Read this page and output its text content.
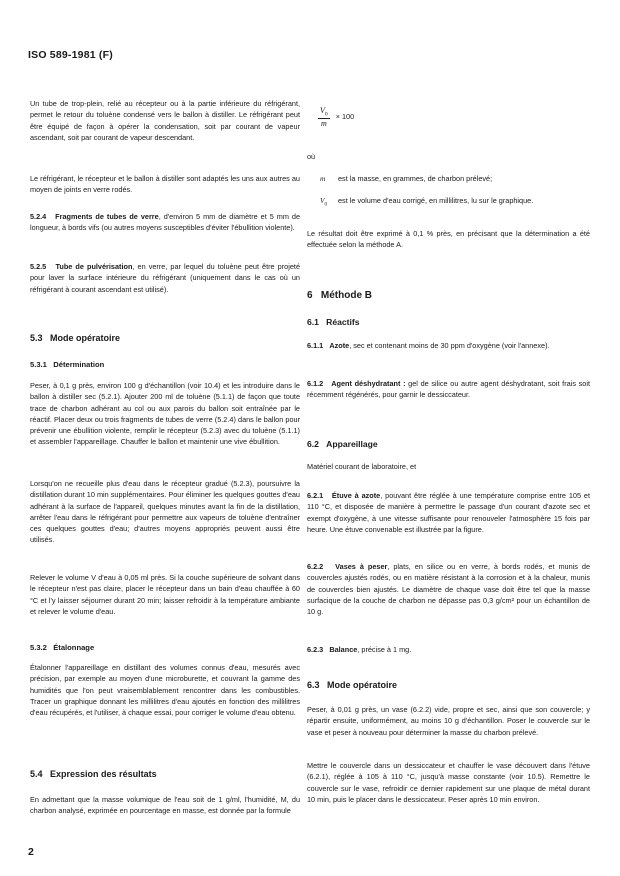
ISO 589-1981 (F)

Un tube de trop-plein, relié au récepteur ou à la partie inférieure du réfrigérant, permet le retour du toluène condensé vers le ballon à distiller. Le réfrigérant peut être équipé de façon à opérer la condensation, soit par courant de vapeur ascendant, soit par courant de vapeur descendant.

Le réfrigérant, le récepteur et le ballon à distiller sont adaptés les uns aux autres au moyen de joints en verre rodés.

5.2.4 Fragments de tubes de verre, d'environ 5 mm de diamètre et 5 mm de longueur, à bords vifs (ou autres moyens susceptibles d'éviter l'ébullition violente).

5.2.5 Tube de pulvérisation, en verre, par lequel du toluène peut être projeté pour laver la surface intérieure du réfrigérant (uniquement dans le cas où un réfrigérant à courant ascendant est utilisé).

5.3 Mode opératoire
5.3.1 Détermination

Peser, à 0,1 g près, environ 100 g d'échantillon (voir 10.4) et les introduire dans le ballon à distiller sec (5.2.1). Ajouter 200 ml de toluène (5.1.1) de façon que toute trace de charbon adhérant au col ou aux parois du ballon soit entraînée par le réactif. Placer deux ou trois fragments de tubes de verre (5.2.4) dans le ballon pour prévenir une ébullition violente, remplir le récepteur (5.2.3) avec du toluène (5.1.1) et assembler l'appareillage. Chauffer le ballon et maintenir une vive ébullition.

Lorsqu'on ne recueille plus d'eau dans le récepteur gradué (5.2.3), poursuivre la distillation durant 10 min supplémentaires. Pour éliminer les quelques gouttes d'eau adhérant à la surface de l'appareil, quelques minutes avant la fin de la distillation, arrêter l'eau dans le réfrigérant pour permettre aux vapeurs de toluène d'entraîner ces quelques gouttes d'eau; d'autres moyens appropriés peuvent aussi être utilisés.

Relever le volume V d'eau à 0,05 ml près. Si la couche supérieure de solvant dans le récepteur n'est pas claire, placer le récepteur dans un bain d'eau chauffée à 60 °C et l'y laisser séjourner durant 20 min; laisser refroidir à la température ambiante et relever le volume d'eau.

5.3.2 Étalonnage

Étalonner l'appareillage en distillant des volumes connus d'eau, mesurés avec précision, par exemple au moyen d'une microburette, et couvrant la gamme des humidités que l'on peut vraisemblablement rencontrer dans les combustibles. Tracer un graphique donnant les millilitres d'eau ajoutés en fonction des millilitres d'eau récupérés, et l'utiliser, à chaque essai, pour corriger le volume d'eau obtenu.

5.4 Expression des résultats

En admettant que la masse volumique de l'eau soit de 1 g/ml, l'humidité, M, du charbon analysé, exprimée en pourcentage en masse, est donnée par la formule

$\frac{V_0}{m} \times 100$
où
m est la masse, en grammes, de charbon prélevé;
$V_0$ est le volume d'eau corrigé, en millilitres, lu sur le graphique.

Le résultat doit être exprimé à 0,1 % près, en précisant que la détermination a été effectuée selon la méthode A.

6 Méthode B
6.1 Réactifs

6.1.1 Azote, sec et contenant moins de 30 ppm d'oxygène (voir l'annexe).

6.1.2 Agent déshydratant : gel de silice ou autre agent déshydratant, soit frais soit récemment régénérés, pour garnir le dessiccateur.

6.2 Appareillage

Matériel courant de laboratoire, et

6.2.1 Étuve à azote, pouvant être réglée à une température comprise entre 105 et 110 °C, et disposée de manière à permettre le passage d'un courant d'azote sec et exempt d'oxygène, à une vitesse suffisante pour renouveler l'atmosphère 15 fois par heure. Une étuve convenable est illustrée par la figure.

6.2.2 Vases à peser, plats, en silice ou en verre, à bords rodés, et munis de couvercles ajustés rodés, ou en matière résistant à la corrosion et à la chaleur, munis de couvercles bien ajustés. Le diamètre de chaque vase doit être tel que la masse surfacique de la couche de charbon ne dépasse pas 0,3 g/cm² pour un échantillon de 10 g.

6.2.3 Balance, précise à 1 mg.

6.3 Mode opératoire

Peser, à 0,01 g près, un vase (6.2.2) vide, propre et sec, ainsi que son couvercle; y répartir ensuite, uniformément, au moins 10 g d'échantillon. Poser le couvercle sur le vase et peser à nouveau pour déterminer la masse du charbon prélevé.

Mettre le couvercle dans un dessiccateur et chauffer le vase découvert dans l'étuve (6.2.1), réglée à 105 à 110 °C, jusqu'à masse constante (voir 10.5). Remettre le couvercle sur le vase, refroidir ce dernier rapidement sur une plaque de métal durant 10 min, puis le placer dans le dessiccateur. Peser après 10 min environ.

2
